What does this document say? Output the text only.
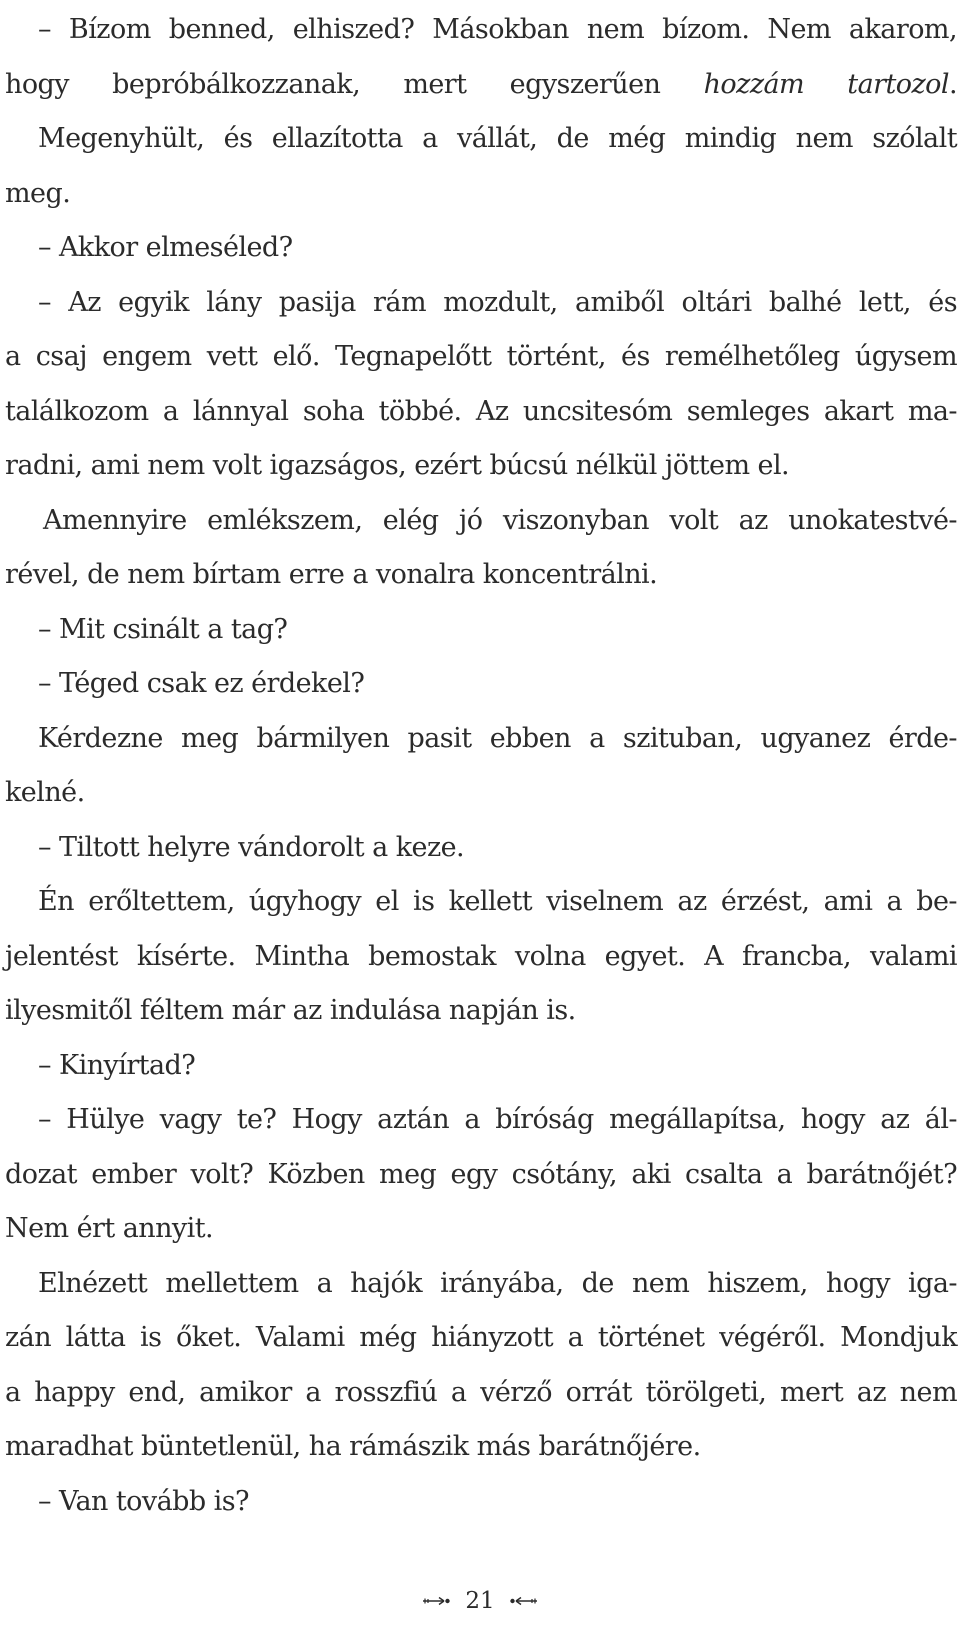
– Bízom benned, elhiszed? Másokban nem bízom. Nem akarom,

hogy bepróbálkozzanak, mert egyszerűen hozzám tartozol.

Megenyhült, és ellazította a vállát, de még mindig nem szólalt

meg.

– Akkor elmeséled?

– Az egyik lány pasija rám mozdult, amiből oltári balhé lett, és

a csaj engem vett elő. Tegnapelőtt történt, és remélhetőleg úgysem

találkozom a lánnyal soha többé. Az uncsitesóm semleges akart ma-

radni, ami nem volt igazságos, ezért búcsú nélkül jöttem el.

Amennyire emlékszem, elég jó viszonyban volt az unokatestvé-

rével, de nem bírtam erre a vonalra koncentrálni.

– Mit csinált a tag?

– Téged csak ez érdekel?

Kérdezne meg bármilyen pasit ebben a szituban, ugyanez érde-

kelné.

– Tiltott helyre vándorolt a keze.

Én erőltettem, úgyhogy el is kellett viselnem az érzést, ami a be-

jelentést kísérte. Mintha bemostak volna egyet. A francba, valami

ilyesmitől féltem már az indulása napján is.

– Kinyírtad?

– Hülye vagy te? Hogy aztán a bíróság megállapítsa, hogy az ál-

dozat ember volt? Közben meg egy csótány, aki csalta a barátnőjét?

Nem ért annyit.

Elnézett mellettem a hajók irányába, de nem hiszem, hogy iga-

zán látta is őket. Valami még hiányzott a történet végéről. Mondjuk

a happy end, amikor a rosszfiú a vérző orrát törölgeti, mert az nem

maradhat büntetlenül, ha rámászik más barátnőjére.

– Van tovább is?

21
